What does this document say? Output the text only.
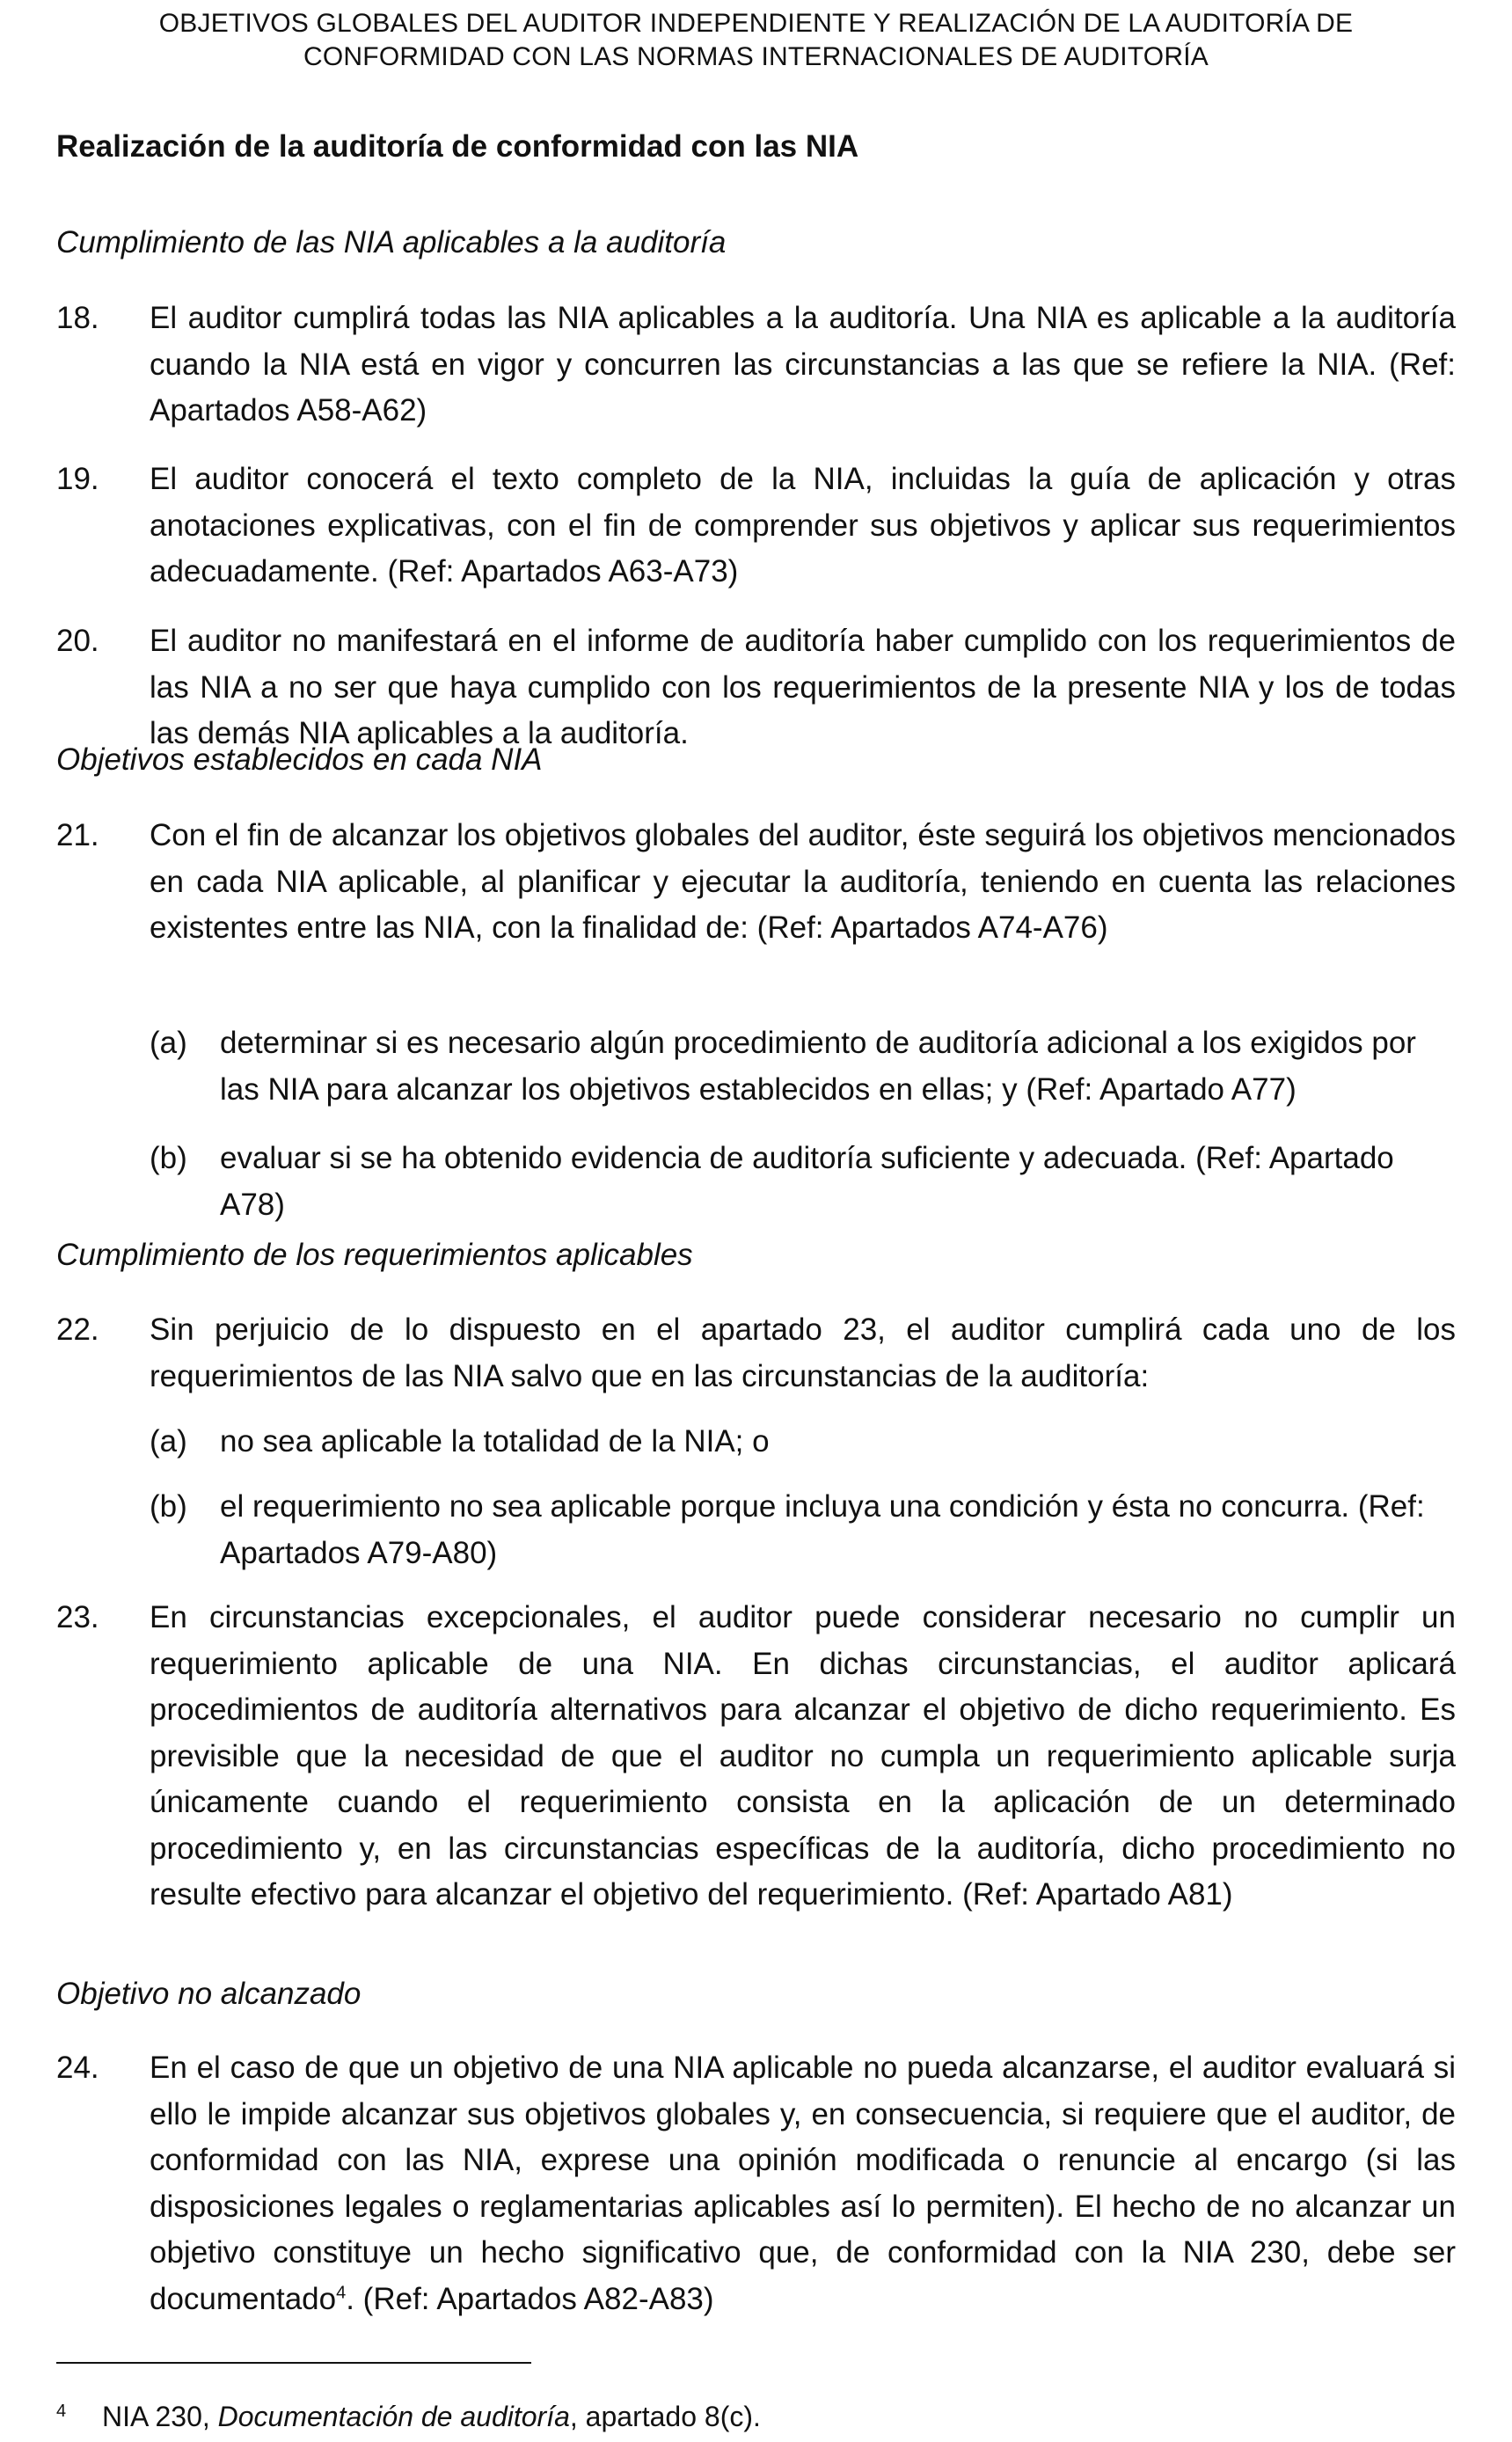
OBJETIVOS GLOBALES DEL AUDITOR INDEPENDIENTE Y REALIZACIÓN DE LA AUDITORÍA DE
CONFORMIDAD CON LAS NORMAS INTERNACIONALES DE AUDITORÍA
Realización de la auditoría de conformidad con las NIA
Cumplimiento de las NIA aplicables a la auditoría
18. El auditor cumplirá todas las NIA aplicables a la auditoría. Una NIA es aplicable a la auditoría cuando la NIA está en vigor y concurren las circunstancias a las que se refiere la NIA. (Ref: Apartados A58-A62)
19. El auditor conocerá el texto completo de la NIA, incluidas la guía de aplicación y otras anotaciones explicativas, con el fin de comprender sus objetivos y aplicar sus requerimientos adecuadamente. (Ref: Apartados A63-A73)
20. El auditor no manifestará en el informe de auditoría haber cumplido con los requerimientos de las NIA a no ser que haya cumplido con los requerimientos de la presente NIA y los de todas las demás NIA aplicables a la auditoría.
Objetivos establecidos en cada NIA
21. Con el fin de alcanzar los objetivos globales del auditor, éste seguirá los objetivos mencionados en cada NIA aplicable, al planificar y ejecutar la auditoría, teniendo en cuenta las relaciones existentes entre las NIA, con la finalidad de: (Ref: Apartados A74-A76)
(a) determinar si es necesario algún procedimiento de auditoría adicional a los exigidos por las NIA para alcanzar los objetivos establecidos en ellas; y (Ref: Apartado A77)
(b) evaluar si se ha obtenido evidencia de auditoría suficiente y adecuada. (Ref: Apartado A78)
Cumplimiento de los requerimientos aplicables
22. Sin perjuicio de lo dispuesto en el apartado 23, el auditor cumplirá cada uno de los requerimientos de las NIA salvo que en las circunstancias de la auditoría:
(a) no sea aplicable la totalidad de la NIA; o
(b) el requerimiento no sea aplicable porque incluya una condición y ésta no concurra. (Ref: Apartados A79-A80)
23. En circunstancias excepcionales, el auditor puede considerar necesario no cumplir un requerimiento aplicable de una NIA. En dichas circunstancias, el auditor aplicará procedimientos de auditoría alternativos para alcanzar el objetivo de dicho requerimiento. Es previsible que la necesidad de que el auditor no cumpla un requerimiento aplicable surja únicamente cuando el requerimiento consista en la aplicación de un determinado procedimiento y, en las circunstancias específicas de la auditoría, dicho procedimiento no resulte efectivo para alcanzar el objetivo del requerimiento. (Ref: Apartado A81)
Objetivo no alcanzado
24. En el caso de que un objetivo de una NIA aplicable no pueda alcanzarse, el auditor evaluará si ello le impide alcanzar sus objetivos globales y, en consecuencia, si requiere que el auditor, de conformidad con las NIA, exprese una opinión modificada o renuncie al encargo (si las disposiciones legales o reglamentarias aplicables así lo permiten). El hecho de no alcanzar un objetivo constituye un hecho significativo que, de conformidad con la NIA 230, debe ser documentado$^4$. (Ref: Apartados A82-A83)
4 NIA 230, Documentación de auditoría, apartado 8(c).
